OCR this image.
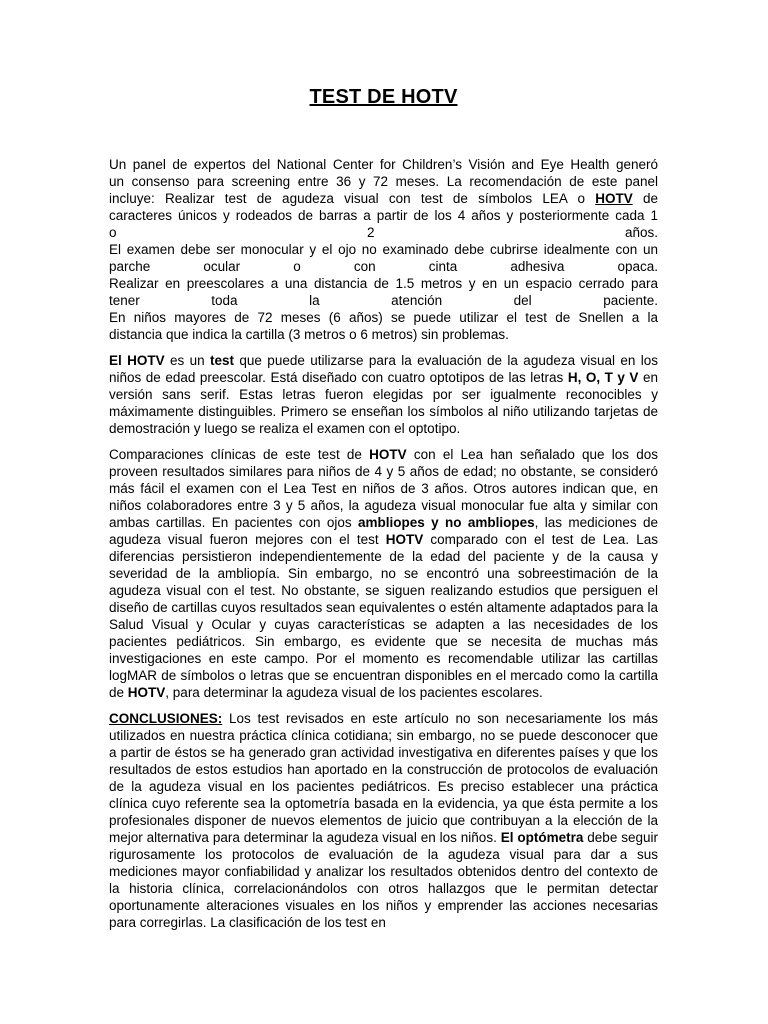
TEST DE HOTV
Un panel de expertos del National Center for Children’s Visión and Eye Health generó
un consenso para screening entre 36 y 72 meses. La recomendación de este panel
incluye: Realizar test de agudeza visual con test de símbolos LEA o HOTV de
caracteres únicos y rodeados de barras a partir de los 4 años y posteriormente cada 1
o 2 años.
El examen debe ser monocular y el ojo no examinado debe cubrirse idealmente con un
parche ocular o con cinta adhesiva opaca.
Realizar en preescolares a una distancia de 1.5 metros y en un espacio cerrado para
tener toda la atención del paciente.
En niños mayores de 72 meses (6 años) se puede utilizar el test de Snellen a la
distancia que indica la cartilla (3 metros o 6 metros) sin problemas.
El HOTV es un test que puede utilizarse para la evaluación de la agudeza visual en los niños de edad preescolar. Está diseñado con cuatro optotipos de las letras H, O, T y V en versión sans serif. Estas letras fueron elegidas por ser igualmente reconocibles y máximamente distinguibles. Primero se enseñan los símbolos al niño utilizando tarjetas de demostración y luego se realiza el examen con el optotipo.
Comparaciones clínicas de este test de HOTV con el Lea han señalado que los dos proveen resultados similares para niños de 4 y 5 años de edad; no obstante, se consideró más fácil el examen con el Lea Test en niños de 3 años. Otros autores indican que, en niños colaboradores entre 3 y 5 años, la agudeza visual monocular fue alta y similar con ambas cartillas. En pacientes con ojos ambliopes y no ambliopes, las mediciones de agudeza visual fueron mejores con el test HOTV comparado con el test de Lea. Las diferencias persistieron independientemente de la edad del paciente y de la causa y severidad de la ambliopía. Sin embargo, no se encontró una sobreestimación de la agudeza visual con el test. No obstante, se siguen realizando estudios que persiguen el diseño de cartillas cuyos resultados sean equivalentes o estén altamente adaptados para la Salud Visual y Ocular y cuyas características se adapten a las necesidades de los pacientes pediátricos. Sin embargo, es evidente que se necesita de muchas más investigaciones en este campo. Por el momento es recomendable utilizar las cartillas logMAR de símbolos o letras que se encuentran disponibles en el mercado como la cartilla de HOTV, para determinar la agudeza visual de los pacientes escolares.
CONCLUSIONES: Los test revisados en este artículo no son necesariamente los más utilizados en nuestra práctica clínica cotidiana; sin embargo, no se puede desconocer que a partir de éstos se ha generado gran actividad investigativa en diferentes países y que los resultados de estos estudios han aportado en la construcción de protocolos de evaluación de la agudeza visual en los pacientes pediátricos. Es preciso establecer una práctica clínica cuyo referente sea la optometría basada en la evidencia, ya que ésta permite a los profesionales disponer de nuevos elementos de juicio que contribuyan a la elección de la mejor alternativa para determinar la agudeza visual en los niños. El optómetra debe seguir rigurosamente los protocolos de evaluación de la agudeza visual para dar a sus mediciones mayor confiabilidad y analizar los resultados obtenidos dentro del contexto de la historia clínica, correlacionándolos con otros hallazgos que le permitan detectar oportunamente alteraciones visuales en los niños y emprender las acciones necesarias para corregirlas. La clasificación de los test en
